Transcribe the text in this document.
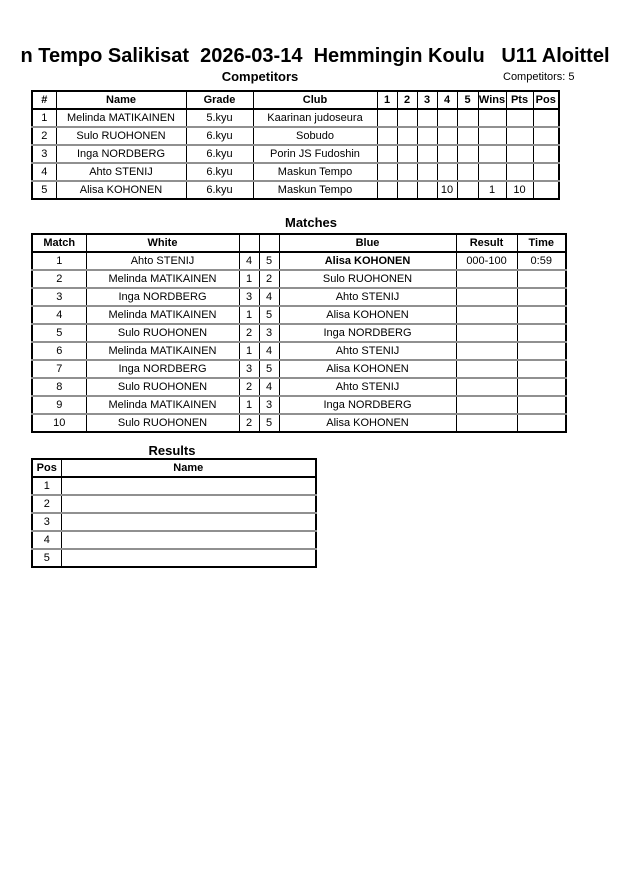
n Tempo Salikisat  2026-03-14  Hemmingin Koulu   U11 Aloittel
Competitors	Competitors: 5
#	Name	Grade	Club	1	2	3	4	5	Wins	Pts	Pos
1	Melinda MATIKAINEN	5.kyu	Kaarinan judoseura								
2	Sulo RUOHONEN	6.kyu	Sobudo								
3	Inga NORDBERG	6.kyu	Porin JS Fudoshin								
4	Ahto STENIJ	6.kyu	Maskun Tempo								
5	Alisa KOHONEN	6.kyu	Maskun Tempo				10		1	10	
Matches
Match	White			Blue	Result	Time
1	Ahto STENIJ	4	5	Alisa KOHONEN	000-100	0:59
2	Melinda MATIKAINEN	1	2	Sulo RUOHONEN		
3	Inga NORDBERG	3	4	Ahto STENIJ		
4	Melinda MATIKAINEN	1	5	Alisa KOHONEN		
5	Sulo RUOHONEN	2	3	Inga NORDBERG		
6	Melinda MATIKAINEN	1	4	Ahto STENIJ		
7	Inga NORDBERG	3	5	Alisa KOHONEN		
8	Sulo RUOHONEN	2	4	Ahto STENIJ		
9	Melinda MATIKAINEN	1	3	Inga NORDBERG		
10	Sulo RUOHONEN	2	5	Alisa KOHONEN		
Results
Pos	Name
1	
2	
3	
4	
5	
